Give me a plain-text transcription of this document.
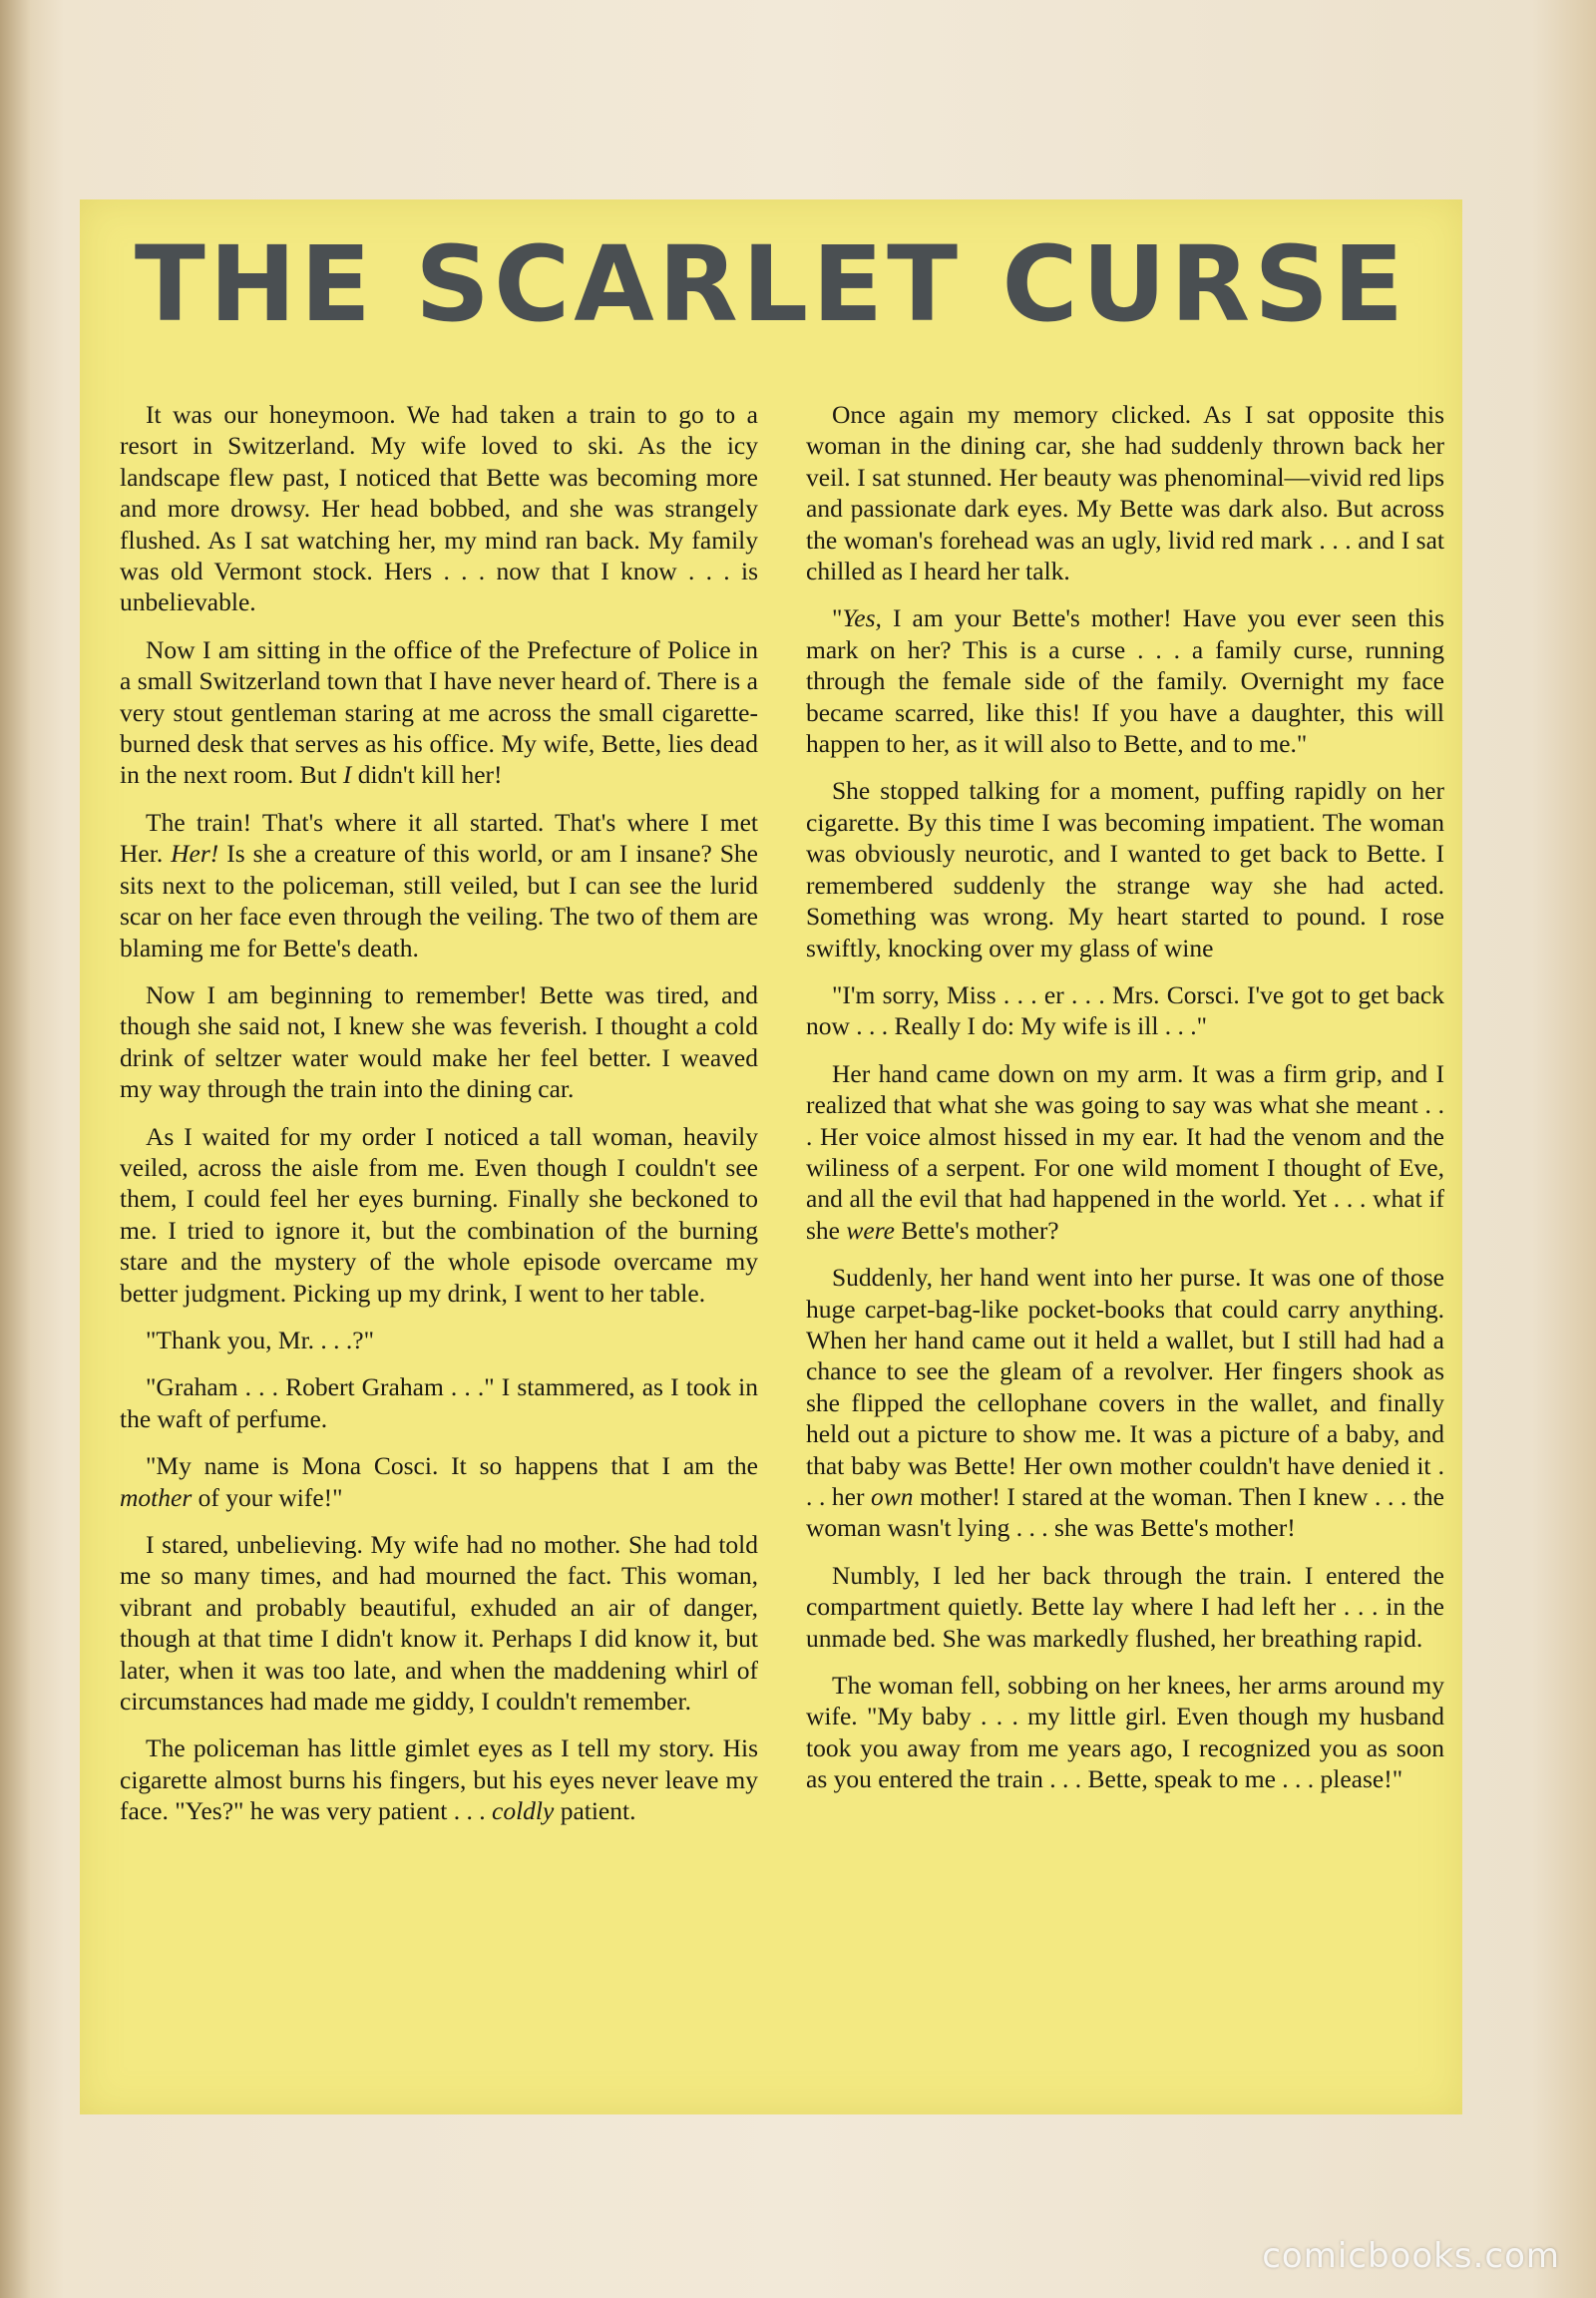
THE SCARLET CURSE

It was our honeymoon. We had taken a train to go to a resort in Switzerland. My wife loved to ski. As the icy landscape flew past, I noticed that Bette was becoming more and more drowsy. Her head bobbed, and she was strangely flushed. As I sat watching her, my mind ran back. My family was old Vermont stock. Hers . . . now that I know . . . is unbelievable.

Now I am sitting in the office of the Prefecture of Police in a small Switzerland town that I have never heard of. There is a very stout gentleman staring at me across the small cigarette-burned desk that serves as his office. My wife, Bette, lies dead in the next room. But I didn't kill her!

The train! That's where it all started. That's where I met Her. Her! Is she a creature of this world, or am I insane? She sits next to the policeman, still veiled, but I can see the lurid scar on her face even through the veiling. The two of them are blaming me for Bette's death.

Now I am beginning to remember! Bette was tired, and though she said not, I knew she was feverish. I thought a cold drink of seltzer water would make her feel better. I weaved my way through the train into the dining car.

As I waited for my order I noticed a tall woman, heavily veiled, across the aisle from me. Even though I couldn't see them, I could feel her eyes burning. Finally she beckoned to me. I tried to ignore it, but the combination of the burning stare and the mystery of the whole episode overcame my better judgment. Picking up my drink, I went to her table.

"Thank you, Mr. . . .?"

"Graham . . . Robert Graham . . ." I stammered, as I took in the waft of perfume.

"My name is Mona Cosci. It so happens that I am the mother of your wife!"

I stared, unbelieving. My wife had no mother. She had told me so many times, and had mourned the fact. This woman, vibrant and probably beautiful, exhuded an air of danger, though at that time I didn't know it. Perhaps I did know it, but later, when it was too late, and when the maddening whirl of circumstances had made me giddy, I couldn't remember.

The policeman has little gimlet eyes as I tell my story. His cigarette almost burns his fingers, but his eyes never leave my face. "Yes?" he was very patient . . . coldly patient.

Once again my memory clicked. As I sat opposite this woman in the dining car, she had suddenly thrown back her veil. I sat stunned. Her beauty was phenominal—vivid red lips and passionate dark eyes. My Bette was dark also. But across the woman's forehead was an ugly, livid red mark . . . and I sat chilled as I heard her talk.

"Yes, I am your Bette's mother! Have you ever seen this mark on her? This is a curse . . . a family curse, running through the female side of the family. Overnight my face became scarred, like this! If you have a daughter, this will happen to her, as it will also to Bette, and to me."

She stopped talking for a moment, puffing rapidly on her cigarette. By this time I was becoming impatient. The woman was obviously neurotic, and I wanted to get back to Bette. I remembered suddenly the strange way she had acted. Something was wrong. My heart started to pound. I rose swiftly, knocking over my glass of wine

"I'm sorry, Miss . . . er . . . Mrs. Corsci. I've got to get back now . . . Really I do: My wife is ill . . ."

Her hand came down on my arm. It was a firm grip, and I realized that what she was going to say was what she meant . . . Her voice almost hissed in my ear. It had the venom and the wiliness of a serpent. For one wild moment I thought of Eve, and all the evil that had happened in the world. Yet . . . what if she were Bette's mother?

Suddenly, her hand went into her purse. It was one of those huge carpet-bag-like pocket-books that could carry anything. When her hand came out it held a wallet, but I still had had a chance to see the gleam of a revolver. Her fingers shook as she flipped the cellophane covers in the wallet, and finally held out a picture to show me. It was a picture of a baby, and that baby was Bette! Her own mother couldn't have denied it . . . her own mother! I stared at the woman. Then I knew . . . the woman wasn't lying . . . she was Bette's mother!

Numbly, I led her back through the train. I entered the compartment quietly. Bette lay where I had left her . . . in the unmade bed. She was markedly flushed, her breathing rapid.

The woman fell, sobbing on her knees, her arms around my wife. "My baby . . . my little girl. Even though my husband took you away from me years ago, I recognized you as soon as you entered the train . . . Bette, speak to me . . . please!"

comicbooks.com
